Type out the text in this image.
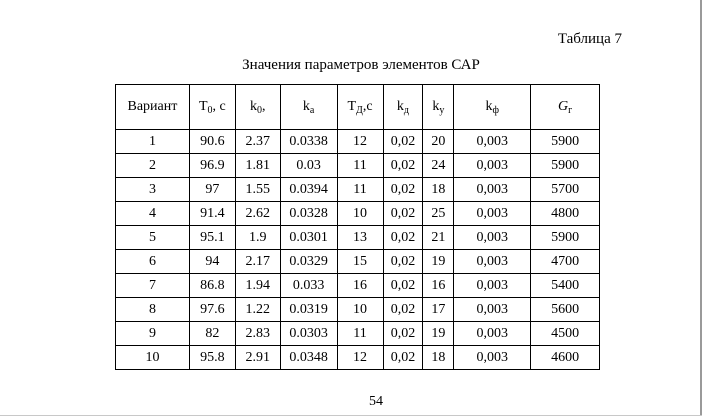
Таблица 7
Значения параметров элементов САР
Вариант	$T_0$, с	$k_0$,	$k_a$	$T_Д,с$	$k_д$	$k_у$	$k_ф$	$G_г$
1	90.6	2.37	0.0338	12	0,02	20	0,003	5900
2	96.9	1.81	0.03	11	0,02	24	0,003	5900
3	97	1.55	0.0394	11	0,02	18	0,003	5700
4	91.4	2.62	0.0328	10	0,02	25	0,003	4800
5	95.1	1.9	0.0301	13	0,02	21	0,003	5900
6	94	2.17	0.0329	15	0,02	19	0,003	4700
7	86.8	1.94	0.033	16	0,02	16	0,003	5400
8	97.6	1.22	0.0319	10	0,02	17	0,003	5600
9	82	2.83	0.0303	11	0,02	19	0,003	4500
10	95.8	2.91	0.0348	12	0,02	18	0,003	4600
54
